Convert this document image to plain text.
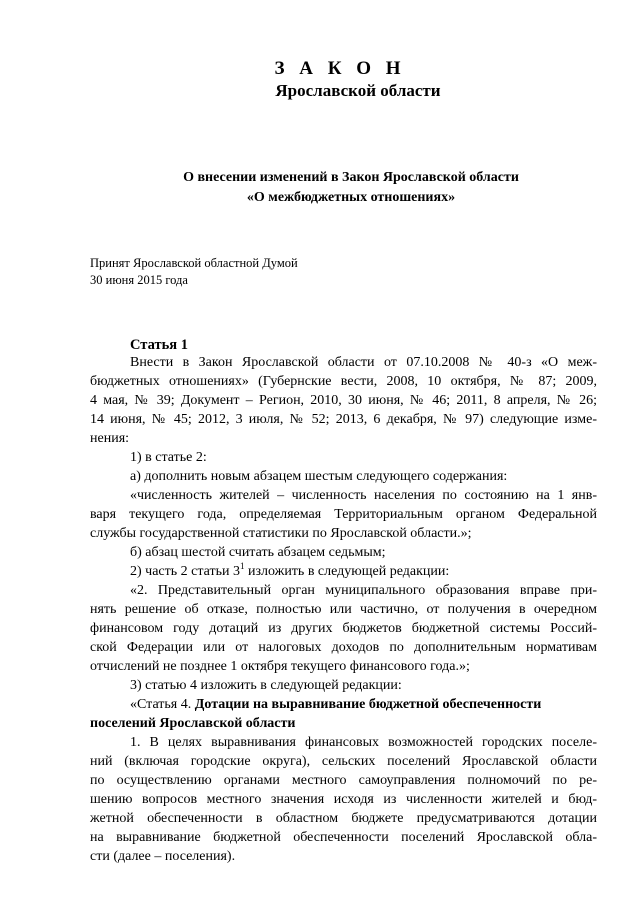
З А К О Н
Ярославской области
О внесении изменений в Закон Ярославской области
«О межбюджетных отношениях»
Принят Ярославской областной Думой
30 июня 2015 года
Статья 1
Внести в Закон Ярославской области от 07.10.2008 № 40-з «О меж-
бюджетных отношениях» (Губернские вести, 2008, 10 октября, № 87; 2009,
4 мая, № 39; Документ – Регион, 2010, 30 июня, № 46; 2011, 8 апреля, № 26;
14 июня, № 45; 2012, 3 июля, № 52; 2013, 6 декабря, № 97) следующие изме-
нения:
1) в статье 2:
а) дополнить новым абзацем шестым следующего содержания:
«численность жителей – численность населения по состоянию на 1 янв-
варя текущего года, определяемая Территориальным органом Федеральной
службы государственной статистики по Ярославской области.»;
б) абзац шестой считать абзацем седьмым;
2) часть 2 статьи $3^1$ изложить в следующей редакции:
«2. Представительный орган муниципального образования вправе при-
нять решение об отказе, полностью или частично, от получения в очередном
финансовом году дотаций из других бюджетов бюджетной системы Россий-
ской Федерации или от налоговых доходов по дополнительным нормативам
отчислений не позднее 1 октября текущего финансового года.»;
3) статью 4 изложить в следующей редакции:
«Статья 4. Дотации на выравнивание бюджетной обеспеченности
поселений Ярославской области
1. В целях выравнивания финансовых возможностей городских поселе-
ний (включая городские округа), сельских поселений Ярославской области
по осуществлению органами местного самоуправления полномочий по ре-
шению вопросов местного значения исходя из численности жителей и бюд-
жетной обеспеченности в областном бюджете предусматриваются дотации
на выравнивание бюджетной обеспеченности поселений Ярославской обла-
сти (далее – поселения).
